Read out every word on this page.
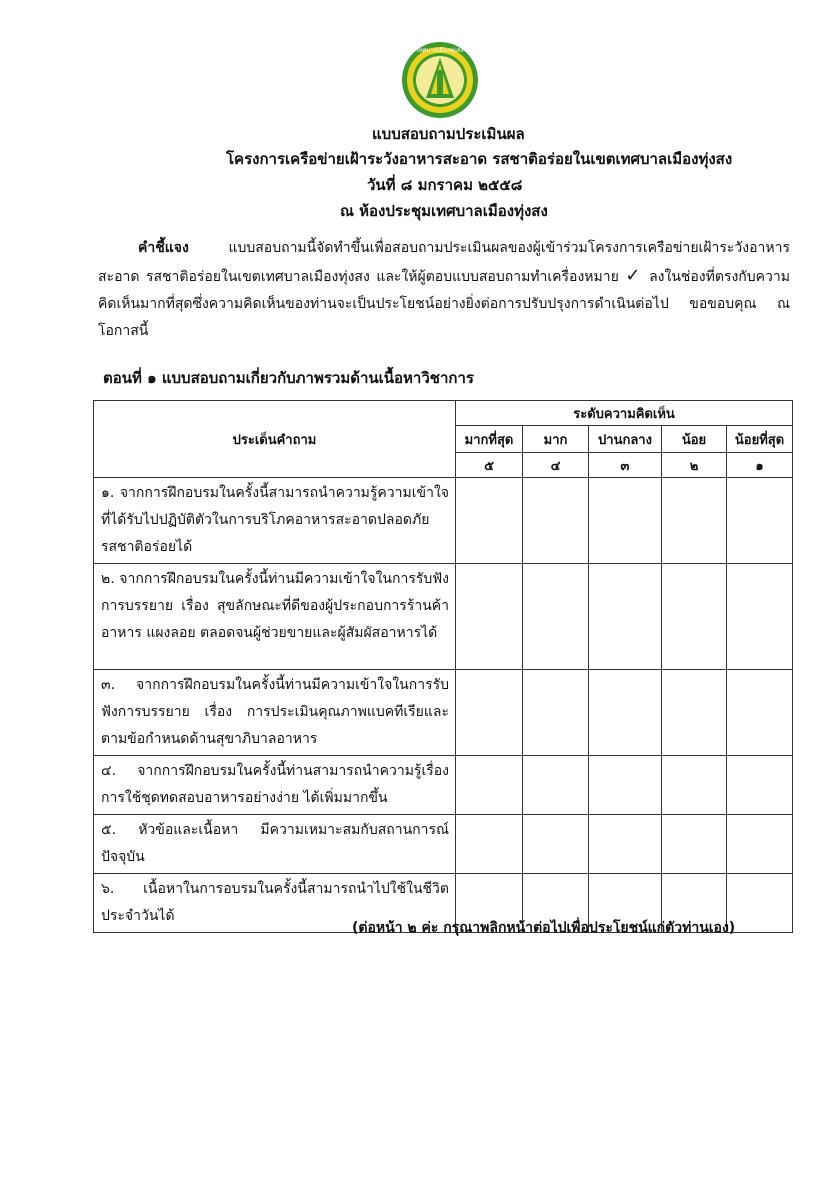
เทศบาลเมืองทุ่งสง
แบบสอบถามประเมินผล
โครงการเครือข่ายเฝ้าระวังอาหารสะอาด รสชาติอร่อยในเขตเทศบาลเมืองทุ่งสง
วันที่ ๘ มกราคม ๒๕๕๘
ณ ห้องประชุมเทศบาลเมืองทุ่งสง

คำชี้แจง	แบบสอบถามนี้จัดทำขึ้นเพื่อสอบถามประเมินผลของผู้เข้าร่วมโครงการเครือข่ายเฝ้าระวังอาหาร สะอาด รสชาติอร่อยในเขตเทศบาลเมืองทุ่งสง และให้ผู้ตอบแบบสอบถามทำเครื่องหมาย ✓ ลงในช่องที่ตรงกับความคิดเห็นมากที่สุดซึ่งความคิดเห็นของท่านจะเป็นประโยชน์อย่างยิ่งต่อการปรับปรุงการดำเนินต่อไป ขอขอบคุณ ณ โอกาสนี้

ตอนที่ ๑ แบบสอบถามเกี่ยวกับภาพรวมด้านเนื้อหาวิชาการ
ประเด็นคำถาม	ระดับความคิดเห็น				
	มากที่สุด	มาก	ปานกลาง	น้อย	น้อยที่สุด
	๕	๔	๓	๒	๑
๑. จากการฝึกอบรมในครั้งนี้สามารถนำความรู้ความเข้าใจที่ได้รับไปปฏิบัติตัวในการบริโภคอาหารสะอาดปลอดภัย รสชาติอร่อยได้					
๒. จากการฝึกอบรมในครั้งนี้ท่านมีความเข้าใจในการรับฟังการบรรยาย เรื่อง สุขลักษณะที่ดีของผู้ประกอบการร้านค้าอาหาร แผงลอย ตลอดจนผู้ช่วยขายและผู้สัมผัสอาหารได้					
๓. จากการฝึกอบรมในครั้งนี้ท่านมีความเข้าใจในการรับฟังการบรรยาย เรื่อง การประเมินคุณภาพแบคทีเรียและตามข้อกำหนดด้านสุขาภิบาลอาหาร					
๔. จากการฝึกอบรมในครั้งนี้ท่านสามารถนำความรู้เรื่องการใช้ชุดทดสอบอาหารอย่างง่าย ได้เพิ่มมากขึ้น					
๕. หัวข้อและเนื้อหา มีความเหมาะสมกับสถานการณ์ปัจจุบัน					
๖. เนื้อหาในการอบรมในครั้งนี้สามารถนำไปใช้ในชีวิตประจำวันได้					
(ต่อหน้า ๒ ค่ะ กรุณาพลิกหน้าต่อไปเพื่อประโยชน์แก่ตัวท่านเอง)
